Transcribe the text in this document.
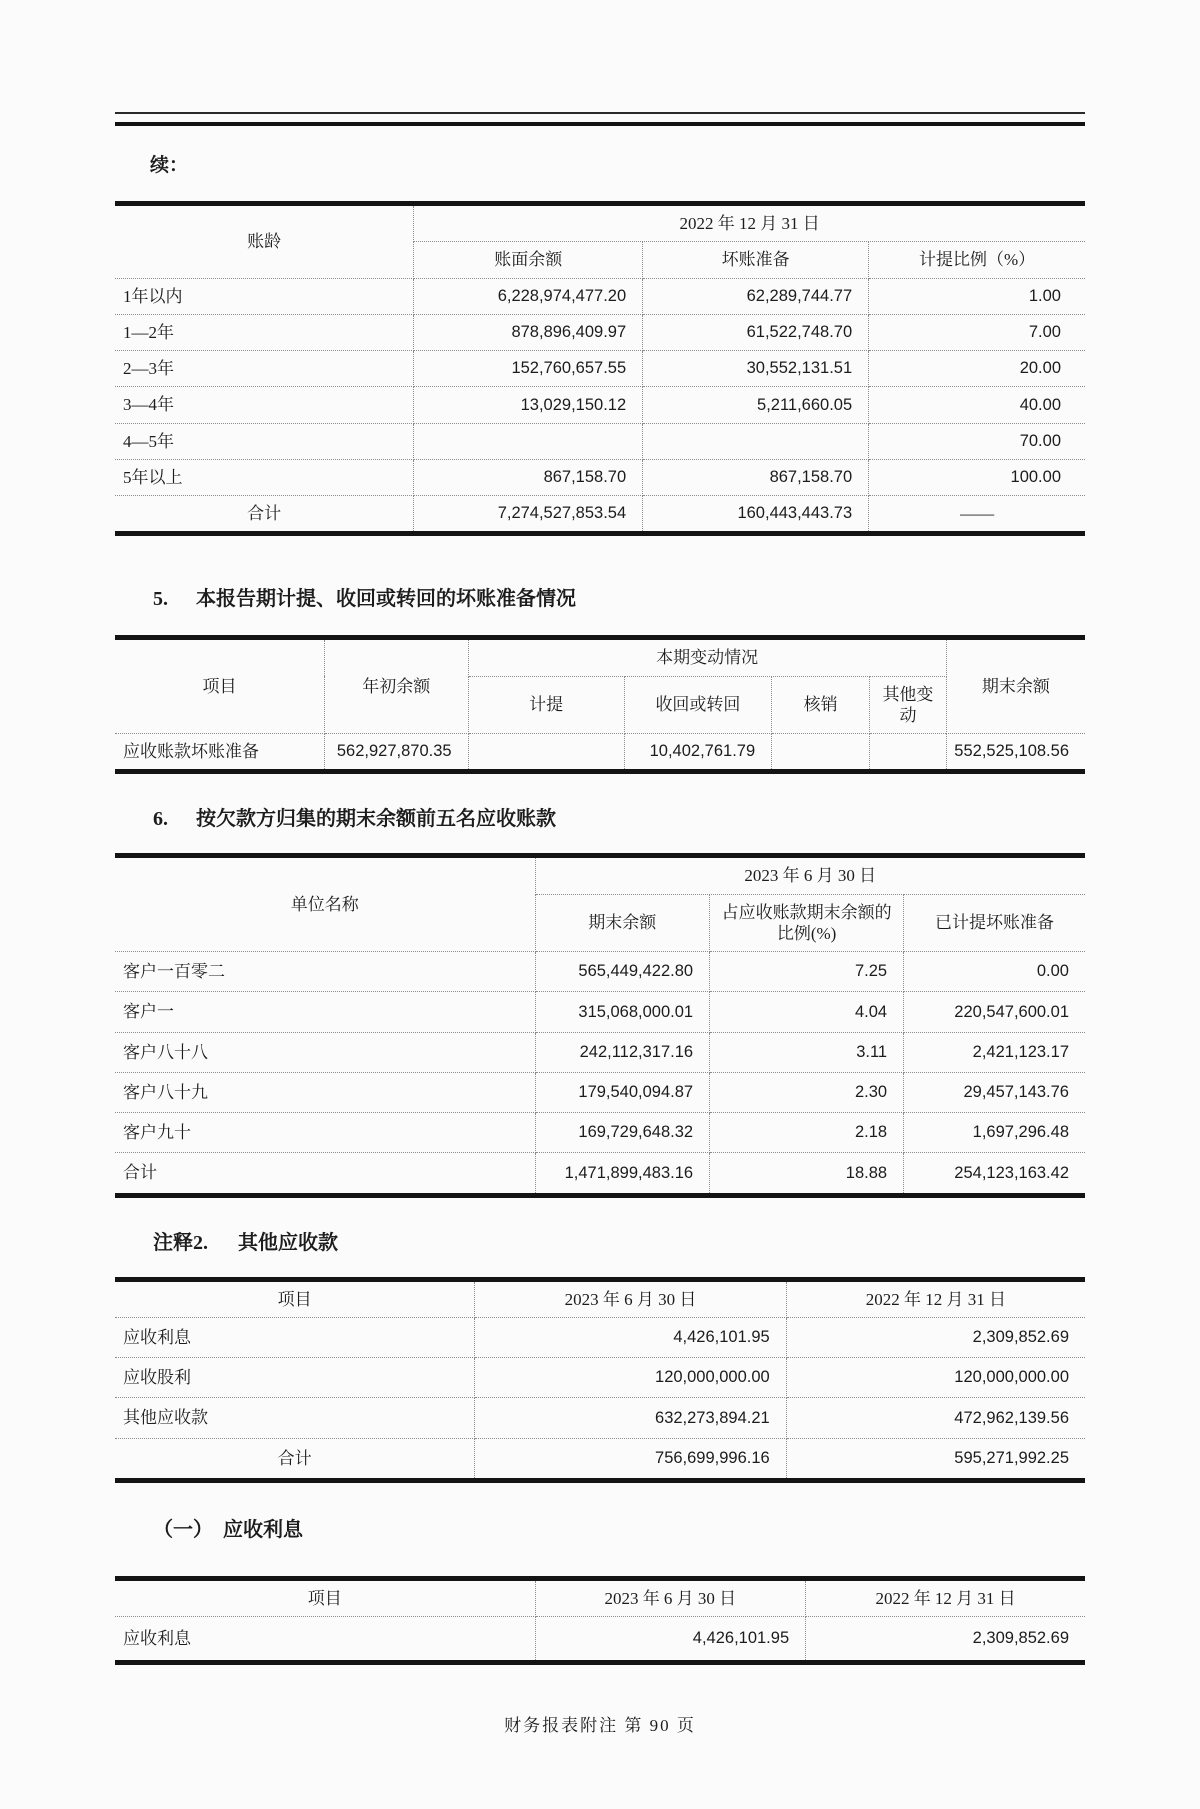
续：
账龄	2022 年 12 月 31 日		
	账面余额	坏账准备	计提比例（%）
1年以内	6,228,974,477.20	62,289,744.77	1.00
1—2年	878,896,409.97	61,522,748.70	7.00
2—3年	152,760,657.55	30,552,131.51	20.00
3—4年	13,029,150.12	5,211,660.05	40.00
4—5年			70.00
5年以上	867,158.70	867,158.70	100.00
合计	7,274,527,853.54	160,443,443.73	——
5. 本报告期计提、收回或转回的坏账准备情况
项目	年初余额	本期变动情况				期末余额
		计提	收回或转回	核销	其他变动	
应收账款坏账准备	562,927,870.35		10,402,761.79			552,525,108.56
6. 按欠款方归集的期末余额前五名应收账款
单位名称	2023 年 6 月 30 日		
	期末余额	占应收账款期末余额的比例(%)	已计提坏账准备
客户一百零二	565,449,422.80	7.25	0.00
客户一	315,068,000.01	4.04	220,547,600.01
客户八十八	242,112,317.16	3.11	2,421,123.17
客户八十九	179,540,094.87	2.30	29,457,143.76
客户九十	169,729,648.32	2.18	1,697,296.48
合计	1,471,899,483.16	18.88	254,123,163.42
注释2. 其他应收款
项目	2023 年 6 月 30 日	2022 年 12 月 31 日
应收利息	4,426,101.95	2,309,852.69
应收股利	120,000,000.00	120,000,000.00
其他应收款	632,273,894.21	472,962,139.56
合计	756,699,996.16	595,271,992.25
（一） 应收利息
项目	2023 年 6 月 30 日	2022 年 12 月 31 日
应收利息	4,426,101.95	2,309,852.69
财务报表附注 第 90 页
